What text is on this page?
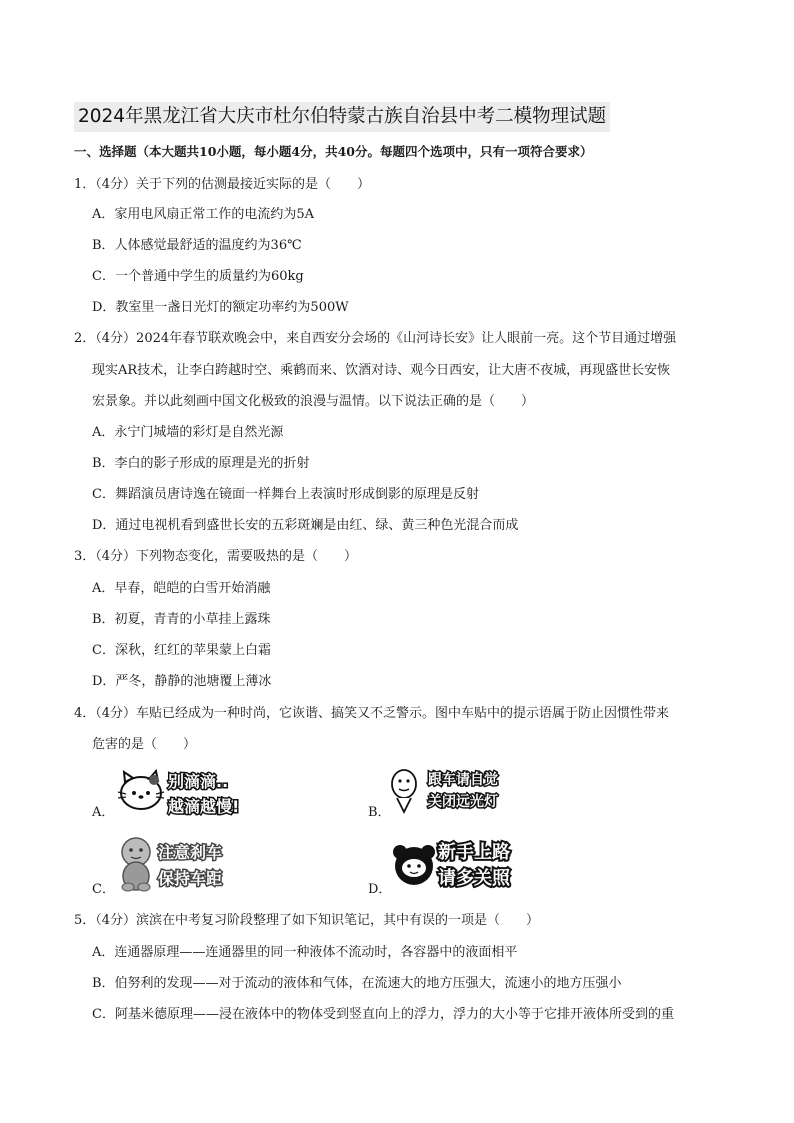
2024年黑龙江省大庆市杜尔伯特蒙古族自治县中考二模物理试题
一、选择题（本大题共10小题，每小题4分，共40分。每题四个选项中，只有一项符合要求）
1．（4分）关于下列的估测最接近实际的是（　　）
A．家用电风扇正常工作的电流约为5A
B．人体感觉最舒适的温度约为36℃
C．一个普通中学生的质量约为60kg
D．教室里一盏日光灯的额定功率约为500W
2．（4分）2024年春节联欢晚会中，来自西安分会场的《山河诗长安》让人眼前一亮。这个节目通过增强
现实AR技术，让李白跨越时空、乘鹤而来、饮酒对诗、观今日西安，让大唐不夜城，再现盛世长安恢
宏景象。并以此刻画中国文化极致的浪漫与温情。以下说法正确的是（　　）
A．永宁门城墙的彩灯是自然光源
B．李白的影子形成的原理是光的折射
C．舞蹈演员唐诗逸在镜面一样舞台上表演时形成倒影的原理是反射
D．通过电视机看到盛世长安的五彩斑斓是由红、绿、黄三种色光混合而成
3．（4分）下列物态变化，需要吸热的是（　　）
A．早春，皑皑的白雪开始消融
B．初夏，青青的小草挂上露珠
C．深秋，红红的苹果蒙上白霜
D．严冬，静静的池塘覆上薄冰
4．（4分）车贴已经成为一种时尚，它诙谐、搞笑又不乏警示。图中车贴中的提示语属于防止因惯性带来
危害的是（　　）
A．
别滴滴..
越滴越慢!	B．
跟车请自觉
关闭远光灯
C．
注意刹车
保持车距
D．
新手上路
请多关照
5．（4分）滨滨在中考复习阶段整理了如下知识笔记，其中有误的一项是（　　）
A．连通器原理——连通器里的同一种液体不流动时，各容器中的液面相平
B．伯努利的发现——对于流动的液体和气体，在流速大的地方压强大，流速小的地方压强小
C．阿基米德原理——浸在液体中的物体受到竖直向上的浮力，浮力的大小等于它排开液体所受到的重
